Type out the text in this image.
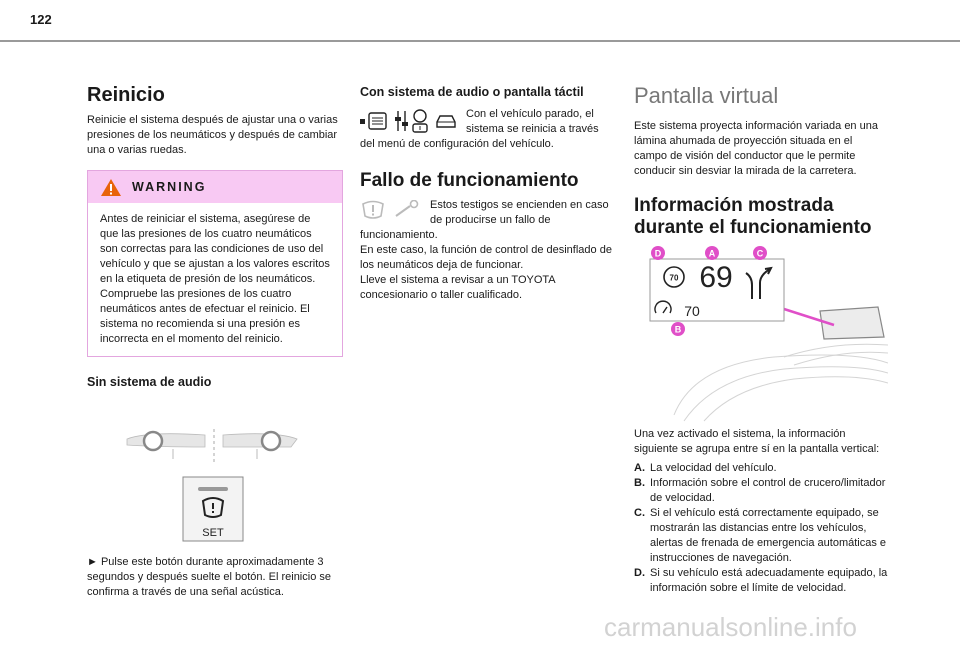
122
Reinicio

Reinicie el sistema después de ajustar una o varias presiones de los neumáticos y después de cambiar una o varias ruedas.

WARNING

Antes de reiniciar el sistema, asegúrese de que las presiones de los cuatro neumáticos son correctas para las condiciones de uso del vehículo y que se ajustan a los valores escritos en la etiqueta de presión de los neumáticos. Compruebe las presiones de los cuatro neumáticos antes de efectuar el reinicio. El sistema no recomienda si una presión es incorrecta en el momento del reinicio.

Sin sistema de audio
SET

► Pulse este botón durante aproximadamente 3 segundos y después suelte el botón. El reinicio se confirma a través de una señal acústica.

Con sistema de audio o pantalla táctil

Con el vehículo parado, el sistema se reinicia a través del menú de configuración del vehículo.

Fallo de funcionamiento

Estos testigos se encienden en caso de producirse un fallo de funcionamiento.

En este caso, la función de control de desinflado de los neumáticos deja de funcionar.

Lleve el sistema a revisar a un TOYOTA concesionario o taller cualificado.

Pantalla virtual

Este sistema proyecta información variada en una lámina ahumada de proyección situada en el campo de visión del conductor que le permite conducir sin desviar la mirada de la carretera.

Información mostrada durante el funcionamiento
70 69
70
D	A	C
B

Una vez activado el sistema, la información siguiente se agrupa entre sí en la pantalla vertical:

A. La velocidad del vehículo.
B. Información sobre el control de crucero/limitador de velocidad.
C. Si el vehículo está correctamente equipado, se mostrarán las distancias entre los vehículos, alertas de frenada de emergencia automáticas e instrucciones de navegación.
D. Si su vehículo está adecuadamente equipado, la información sobre el límite de velocidad.
carmanualsonline.info
